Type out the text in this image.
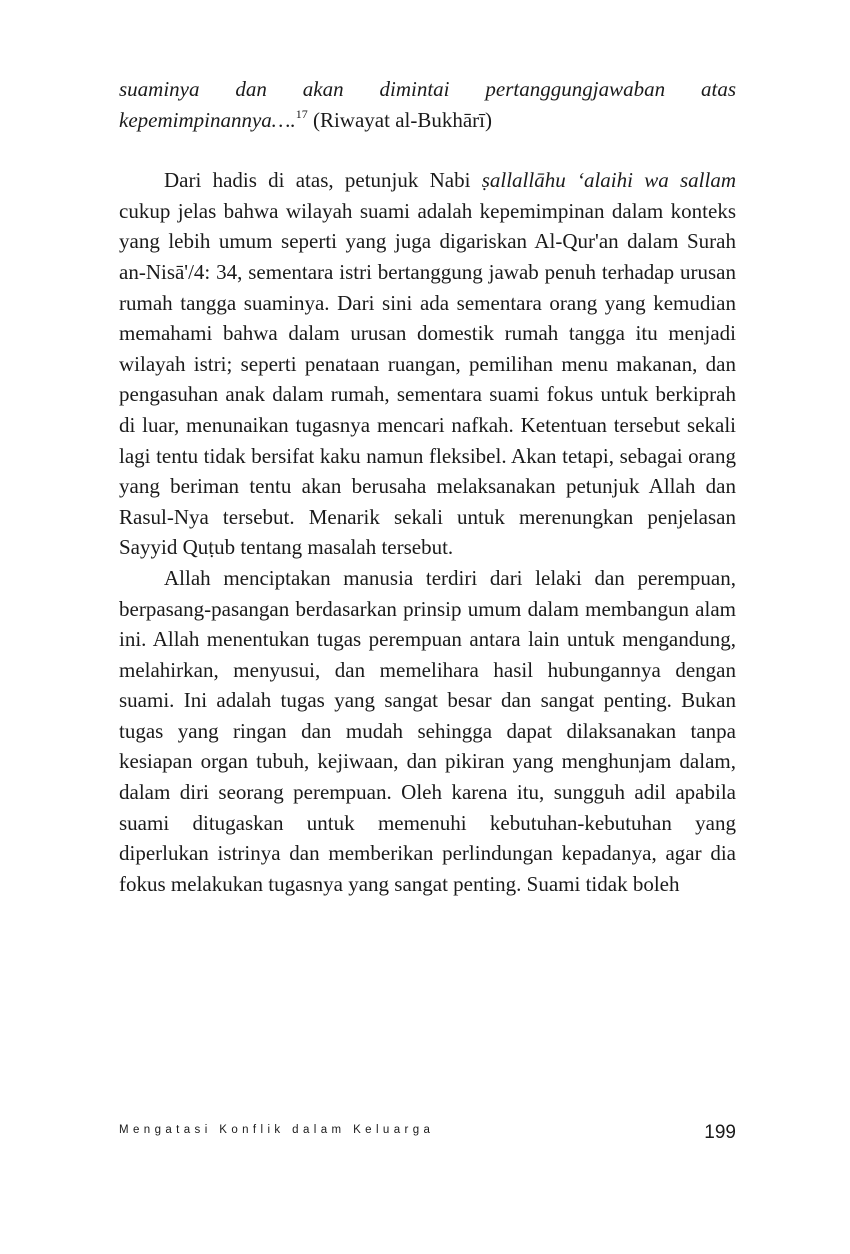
suaminya dan akan dimintai pertanggungjawaban atas

kepemimpinannya….$^{17}$ (Riwayat al-Bukhārī)

Dari hadis di atas, petunjuk Nabi ṣallallāhu ‘alaihi wa sallam cukup jelas bahwa wilayah suami adalah kepemimpinan dalam konteks yang lebih umum seperti yang juga digariskan Al-Qur'an dalam Surah an-Nisā'/4: 34, sementara istri bertanggung jawab penuh terhadap urusan rumah tangga suaminya. Dari sini ada sementara orang yang kemudian memahami bahwa dalam urusan domestik rumah tangga itu menjadi wilayah istri; seperti penataan ruangan, pemilihan menu makanan, dan pengasuhan anak dalam rumah, sementara suami fokus untuk berkiprah di luar, menunaikan tugasnya mencari nafkah. Ketentuan tersebut sekali lagi tentu tidak bersifat kaku namun fleksibel. Akan tetapi, sebagai orang yang beriman tentu akan berusaha melaksanakan petunjuk Allah dan Rasul-Nya tersebut. Menarik sekali untuk merenungkan penjelasan Sayyid Quṭub tentang masalah tersebut.

Allah menciptakan manusia terdiri dari lelaki dan perempuan, berpasang-pasangan berdasarkan prinsip umum dalam membangun alam ini. Allah menentukan tugas perempuan antara lain untuk mengandung, melahirkan, menyusui, dan memelihara hasil hubungannya dengan suami. Ini adalah tugas yang sangat besar dan sangat penting. Bukan tugas yang ringan dan mudah sehingga dapat dilaksanakan tanpa kesiapan organ tubuh, kejiwaan, dan pikiran yang menghunjam dalam, dalam diri seorang perempuan. Oleh karena itu, sungguh adil apabila suami ditugaskan untuk memenuhi kebutuhan-kebutuhan yang diperlukan istrinya dan memberikan perlindungan kepadanya, agar dia fokus melakukan tugasnya yang sangat penting. Suami tidak boleh

Mengatasi Konflik dalam Keluarga	199
